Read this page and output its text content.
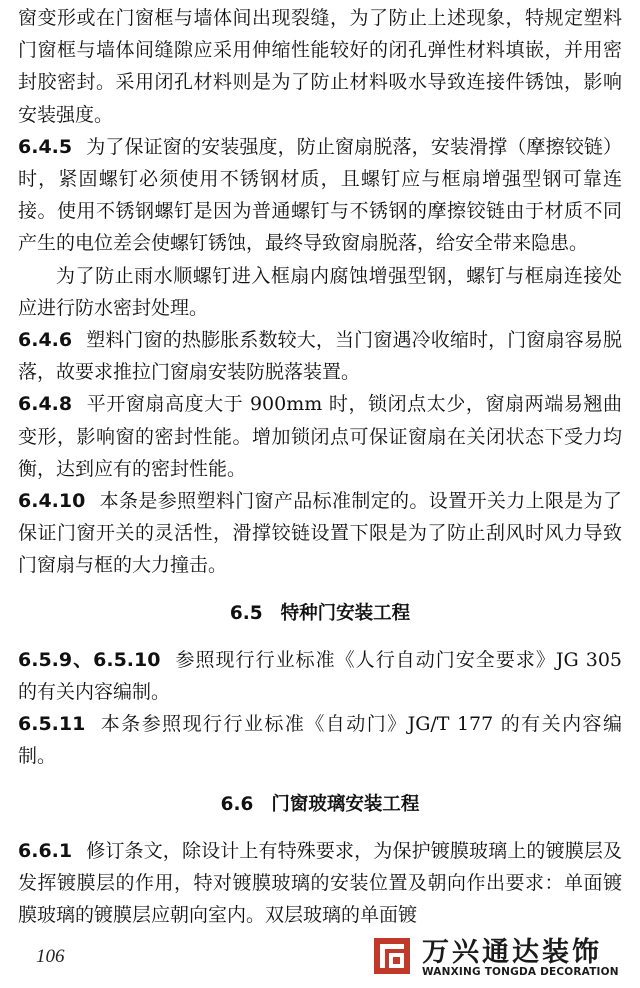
窗变形或在门窗框与墙体间出现裂缝，为了防止上述现象，特规定塑料门窗框与墙体间缝隙应采用伸缩性能较好的闭孔弹性材料填嵌，并用密封胶密封。采用闭孔材料则是为了防止材料吸水导致连接件锈蚀，影响安装强度。

6.4.5 为了保证窗的安装强度，防止窗扇脱落，安装滑撑（摩擦铰链）时，紧固螺钉必须使用不锈钢材质，且螺钉应与框扇增强型钢可靠连接。使用不锈钢螺钉是因为普通螺钉与不锈钢的摩擦铰链由于材质不同产生的电位差会使螺钉锈蚀，最终导致窗扇脱落，给安全带来隐患。

为了防止雨水顺螺钉进入框扇内腐蚀增强型钢，螺钉与框扇连接处应进行防水密封处理。

6.4.6 塑料门窗的热膨胀系数较大，当门窗遇冷收缩时，门窗扇容易脱落，故要求推拉门窗扇安装防脱落装置。

6.4.8 平开窗扇高度大于 900mm 时，锁闭点太少，窗扇两端易翘曲变形，影响窗的密封性能。增加锁闭点可保证窗扇在关闭状态下受力均衡，达到应有的密封性能。

6.4.10 本条是参照塑料门窗产品标准制定的。设置开关力上限是为了保证门窗开关的灵活性，滑撑铰链设置下限是为了防止刮风时风力导致门窗扇与框的大力撞击。

6.5 特种门安装工程

6.5.9、6.5.10 参照现行行业标准《人行自动门安全要求》JG 305 的有关内容编制。

6.5.11 本条参照现行行业标准《自动门》JG/T 177 的有关内容编制。

6.6 门窗玻璃安装工程

6.6.1 修订条文，除设计上有特殊要求，为保护镀膜玻璃上的镀膜层及发挥镀膜层的作用，特对镀膜玻璃的安装位置及朝向作出要求：单面镀膜玻璃的镀膜层应朝向室内。双层玻璃的单面镀

106	万兴通达装饰
WANXING TONGDA DECORATION
